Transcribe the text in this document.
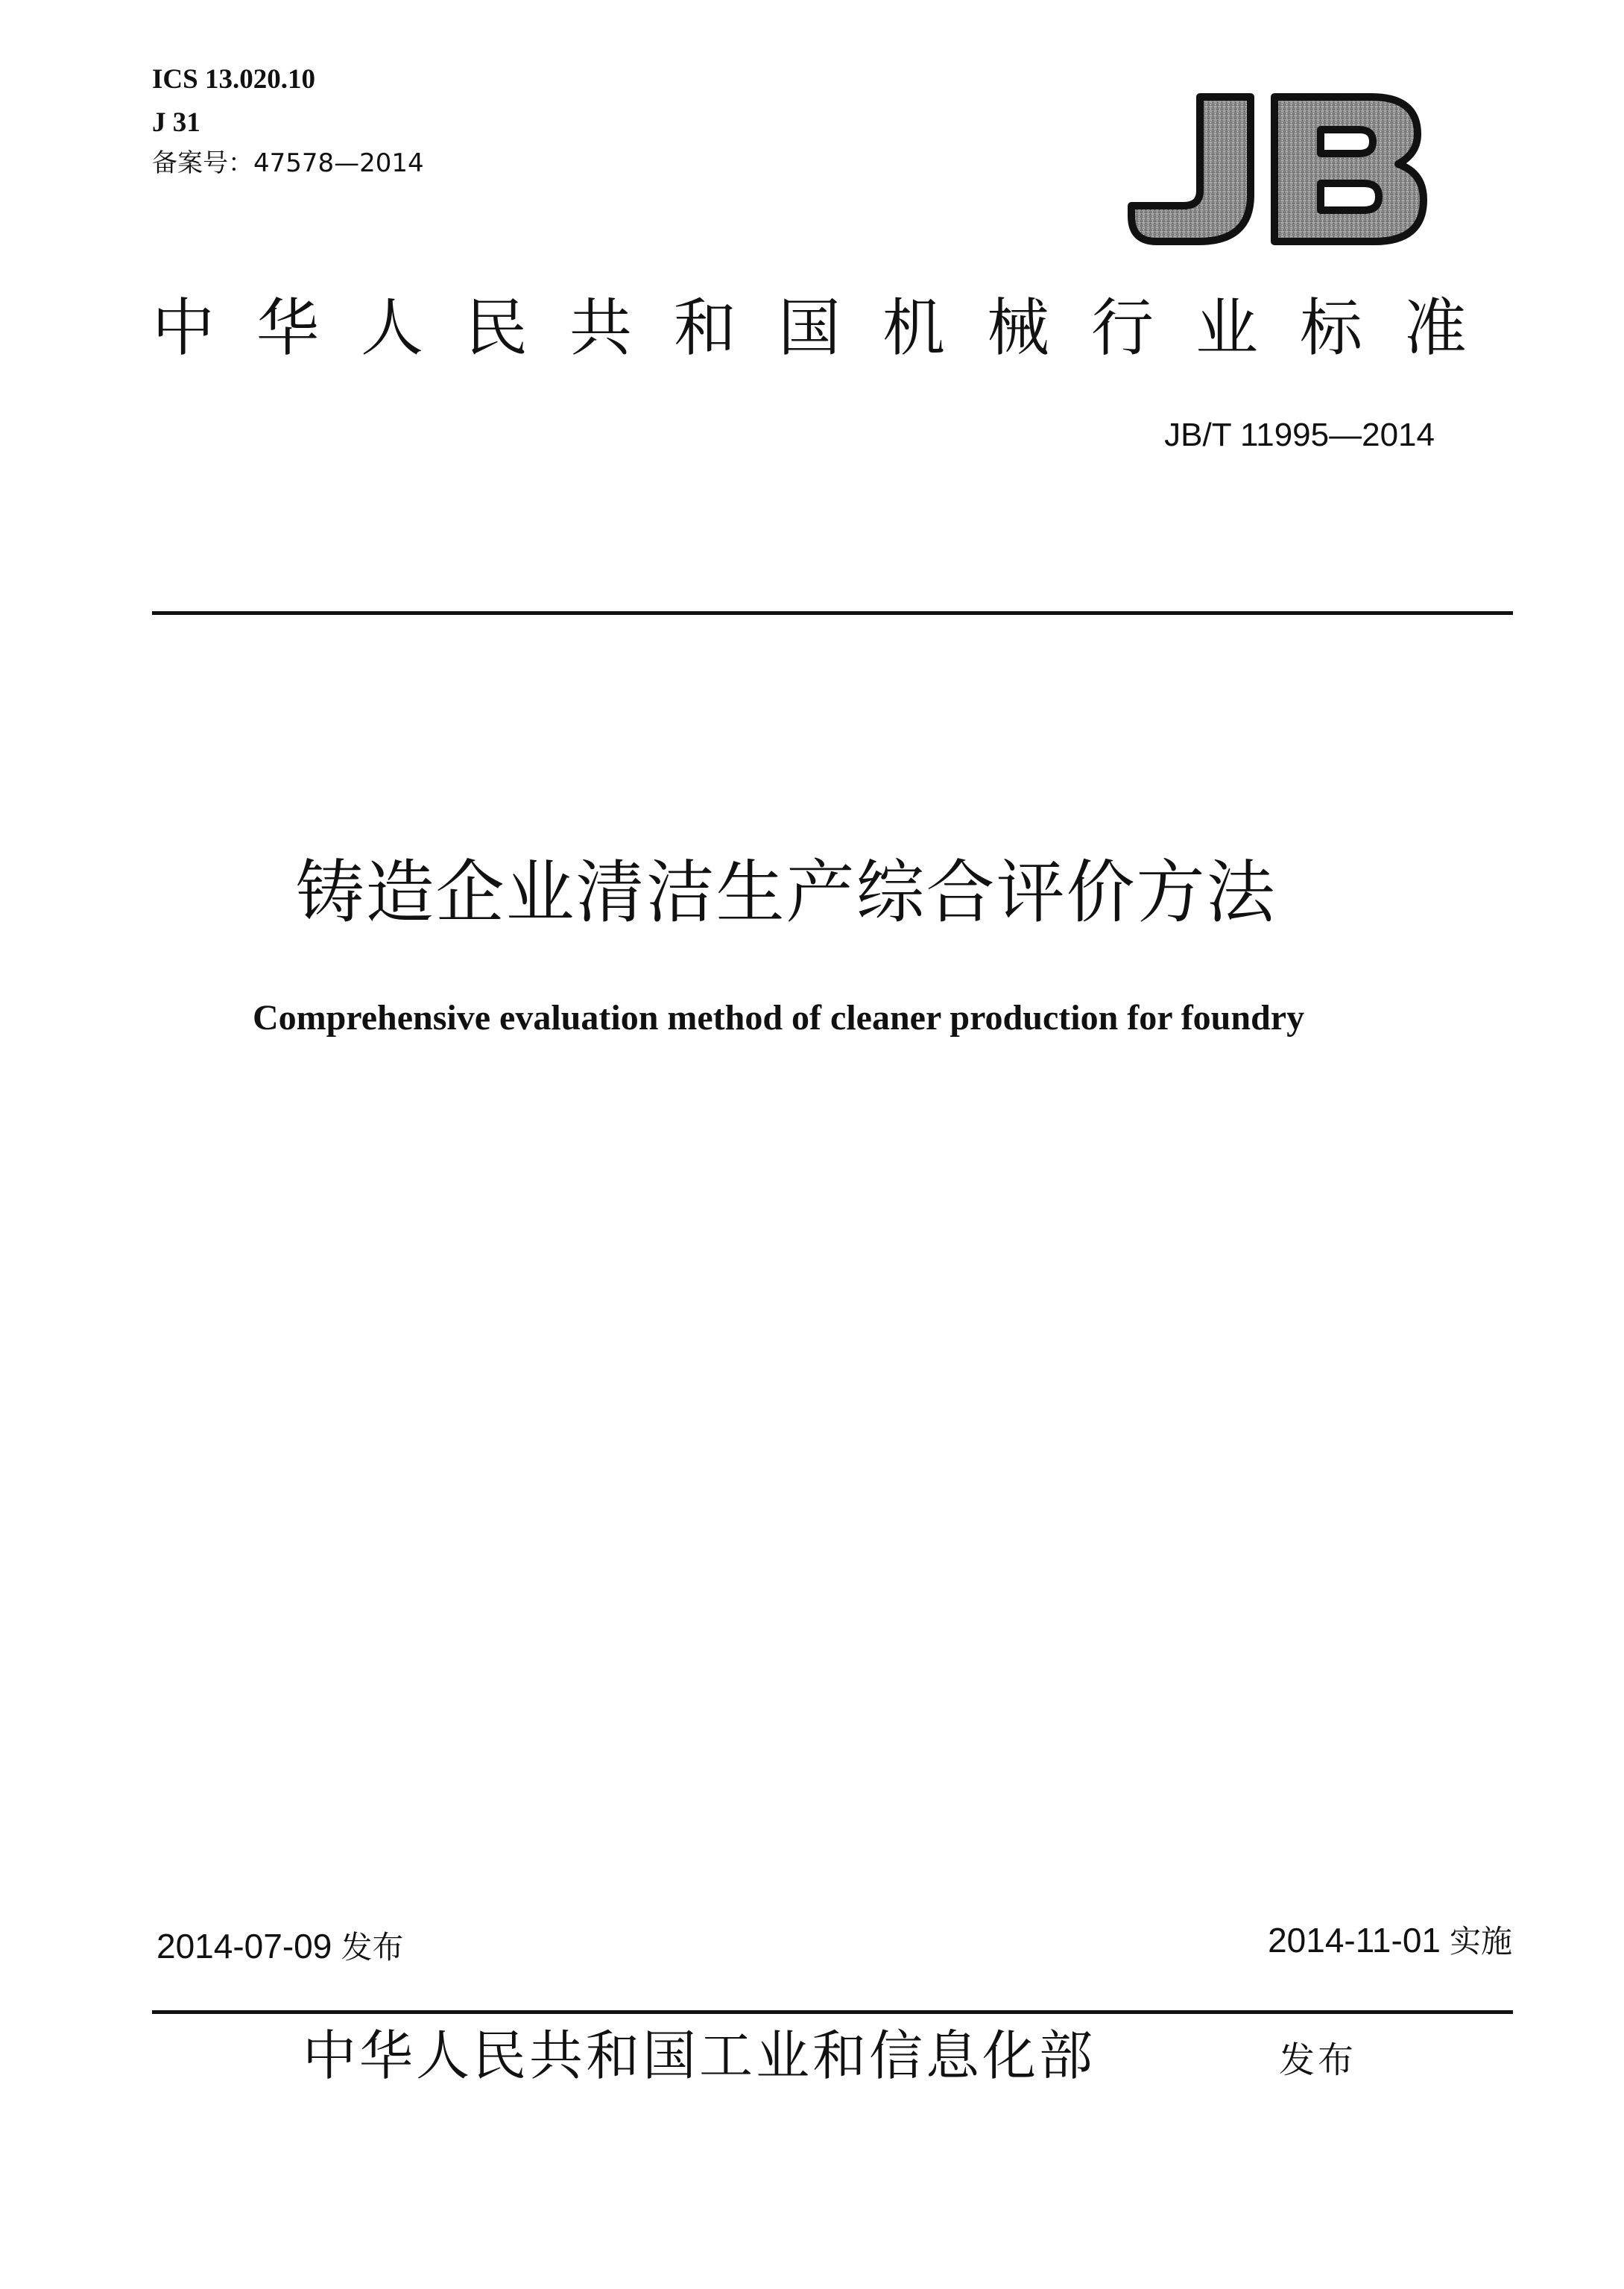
ICS 13.020.10
J 31
备案号：47578—2014
中华人民共和国机械行业标准
JB/T 11995—2014
铸造企业清洁生产综合评价方法
Comprehensive evaluation method of cleaner production for foundry
2014-07-09 发布	2014-11-01 实施
中华人民共和国工业和信息化部	发布
